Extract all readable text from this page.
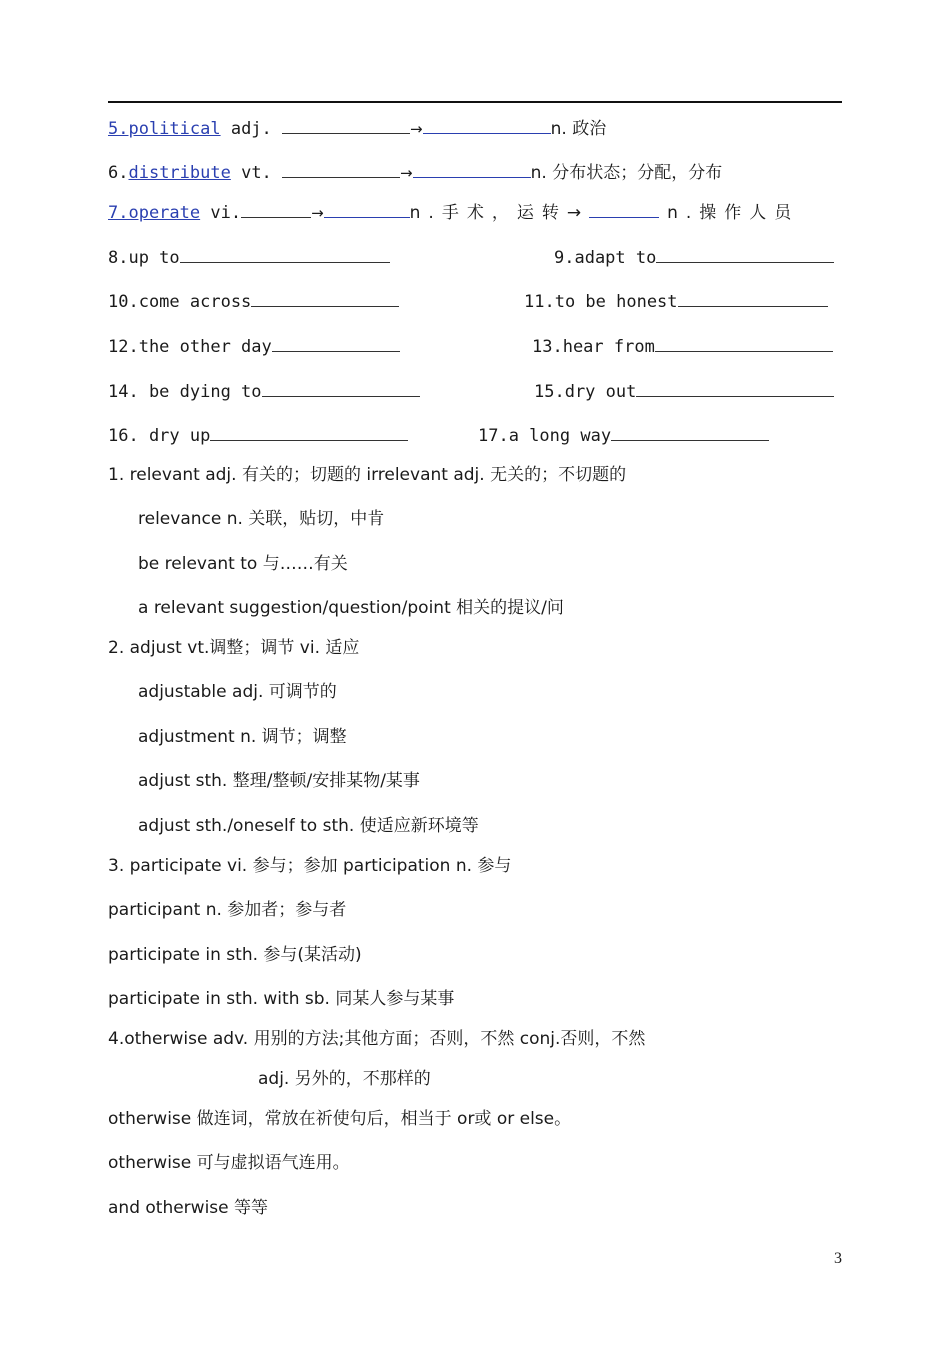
5.political adj.	→	n. 政治
6.distribute vt.	→	n. 分布状态；分配，分布
7.operate vi.	→	n.手术，运转→	n.操作人员
8.up to	9.adapt to
10.come across	11.to be honest
12.the other day	13.hear from
14. be dying to	15.dry out
16. dry up	17.a long way
1. relevant adj. 有关的；切题的 irrelevant adj. 无关的；不切题的
relevance n. 关联，贴切，中肯
be relevant to 与……有关
a relevant suggestion/question/point 相关的提议/问
2. adjust vt.调整；调节 vi. 适应
adjustable adj. 可调节的
adjustment n. 调节；调整
adjust sth. 整理/整顿/安排某物/某事
adjust sth./oneself to sth. 使适应新环境等
3. participate vi. 参与；参加 participation n. 参与
participant n. 参加者；参与者
participate in sth. 参与(某活动)
participate in sth. with sb. 同某人参与某事
4.otherwise adv. 用别的方法;其他方面；否则，不然 conj.否则，不然
adj. 另外的，不那样的
otherwise 做连词，常放在祈使句后，相当于 or或 or else。
otherwise 可与虚拟语气连用。
and otherwise 等等
3
